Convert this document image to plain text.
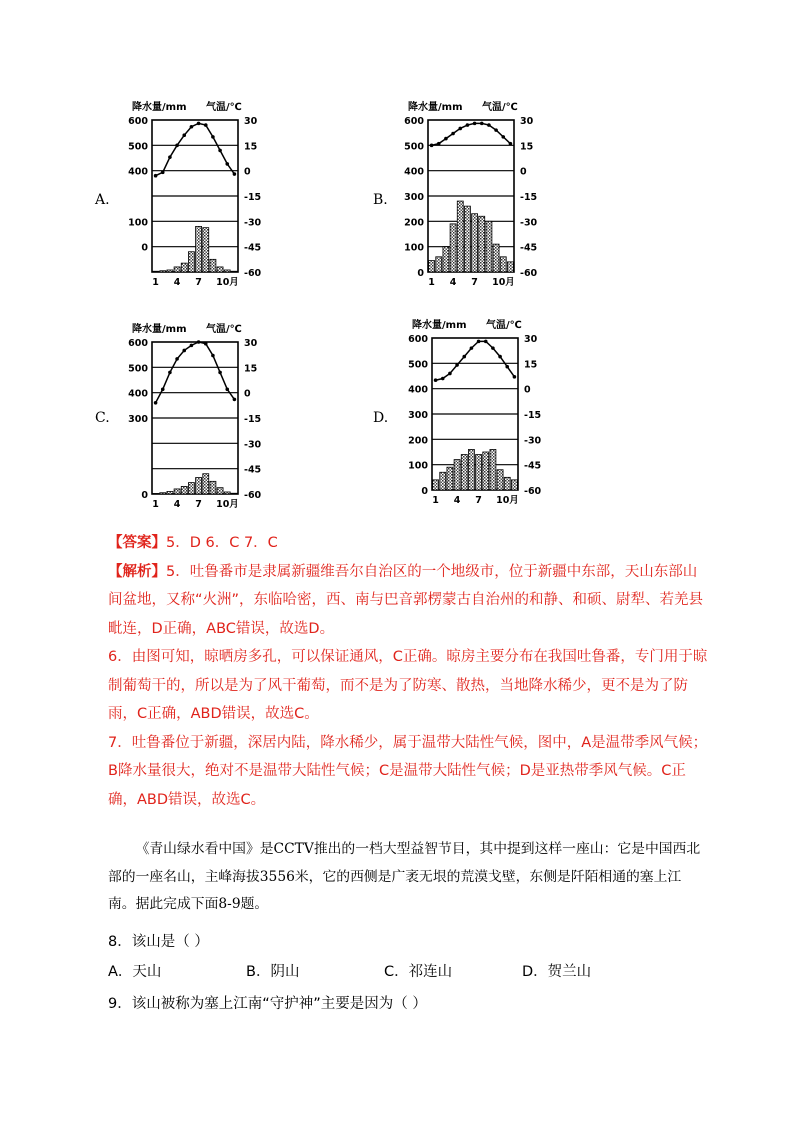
降水量/mm 气温/℃
600
500
400
100
0
30
15
0
-15
-30
-45
-60
1 4 7 10月
A.
降水量/mm 气温/℃
600
500
400
300
200
100
0
30
15
0
-15
-30
-45
-60
1 4 7 10月
B.
降水量/mm 气温/℃
600
500
400
300
0
30
15
0
-15
-30
-45
-60
1 4 7 10月
C.
降水量/mm 气温/℃
600
500
400
300
200
100
0
30
15
0
-15
-30
-45
-60
1 4 7 10月
D.

【答案】5．D 6．C 7．C

【解析】5．吐鲁番市是隶属新疆维吾尔自治区的一个地级市，位于新疆中东部，天山东部山间盆地，又称“火洲”，东临哈密，西、南与巴音郭楞蒙古自治州的和静、和硕、尉犁、若羌县毗连，D正确，ABC错误，故选D。

6．由图可知，晾晒房多孔，可以保证通风，C正确。晾房主要分布在我国吐鲁番，专门用于晾制葡萄干的，所以是为了风干葡萄，而不是为了防寒、散热，当地降水稀少，更不是为了防雨，C正确，ABD错误，故选C。

7．吐鲁番位于新疆，深居内陆，降水稀少，属于温带大陆性气候，图中，A是温带季风气候；B降水量很大，绝对不是温带大陆性气候；C是温带大陆性气候；D是亚热带季风气候。C正确，ABD错误，故选C。

《青山绿水看中国》是CCTV推出的一档大型益智节目，其中提到这样一座山：它是中国西北部的一座名山，主峰海拔3556米，它的西侧是广袤无垠的荒漠戈壁，东侧是阡陌相通的塞上江南。据此完成下面8-9题。
8．该山是（ ）
A．天山	B．阴山	C．祁连山	D．贺兰山
9．该山被称为塞上江南“守护神”主要是因为（ ）
